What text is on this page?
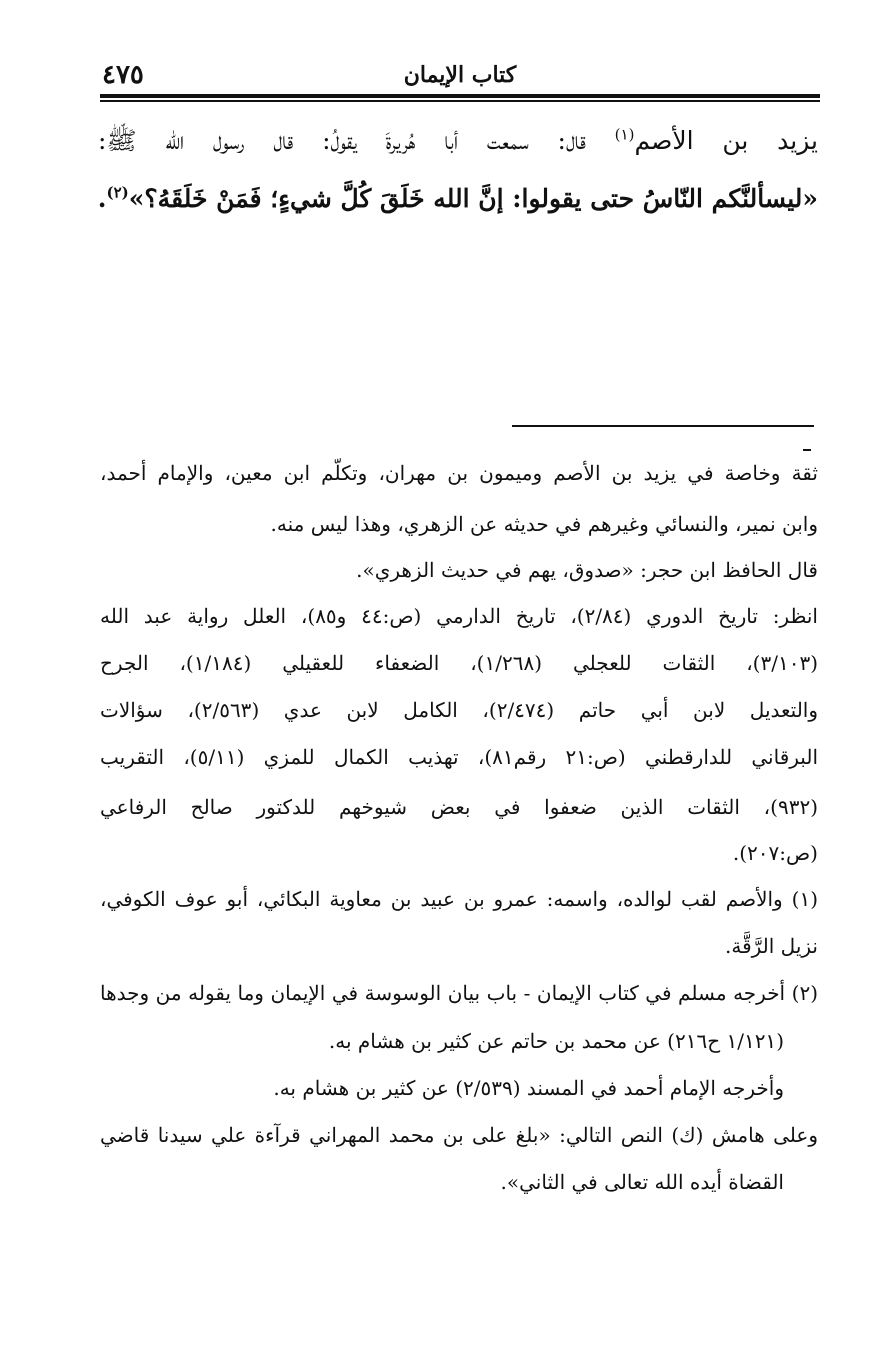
٤٧٥	كتاب الإيمان
يزيد بن الأصم$^{(١)}$ قال: سمعت أبا هُريرةَ يقولُ: قال رسول الله ﷺ:
«ليسألنَّكم النّاسُ حتى يقولوا: إنَّ الله خَلَقَ كُلَّ شيءٍ؛ فَمَنْ خَلَقَهُ؟»$^{(٢)}$.
ثقة وخاصة في يزيد بن الأصم وميمون بن مهران، وتكلّم ابن معين، والإمام أحمد،
وابن نمير، والنسائي وغيرهم في حديثه عن الزهري، وهذا ليس منه.
قال الحافظ ابن حجر: «صدوق، يهم في حديث الزهري».
انظر: تاريخ الدوري (٢/٨٤)، تاريخ الدارمي (ص:٤٤ و٨٥)، العلل رواية عبد الله
(٣/١٠٣)، الثقات للعجلي (١/٢٦٨)، الضعفاء للعقيلي (١/١٨٤)، الجرح
والتعديل لابن أبي حاتم (٢/٤٧٤)، الكامل لابن عدي (٢/٥٦٣)، سؤالات
البرقاني للدارقطني (ص:٢١ رقم٨١)، تهذيب الكمال للمزي (٥/١١)، التقريب
(٩٣٢)، الثقات الذين ضعفوا في بعض شيوخهم للدكتور صالح الرفاعي
(ص:٢٠٧).
(١) والأصم لقب لوالده، واسمه: عمرو بن عبيد بن معاوية البكائي، أبو عوف الكوفي،
نزيل الرَّقَّة.
(٢) أخرجه مسلم في كتاب الإيمان - باب بيان الوسوسة في الإيمان وما يقوله من وجدها
(١/١٢١ ح٢١٦) عن محمد بن حاتم عن كثير بن هشام به.
وأخرجه الإمام أحمد في المسند (٢/٥٣٩) عن كثير بن هشام به.
وعلى هامش (ك) النص التالي: «بلغ على بن محمد المهراني قرآءة علي سيدنا قاضي
القضاة أيده الله تعالى في الثاني».
